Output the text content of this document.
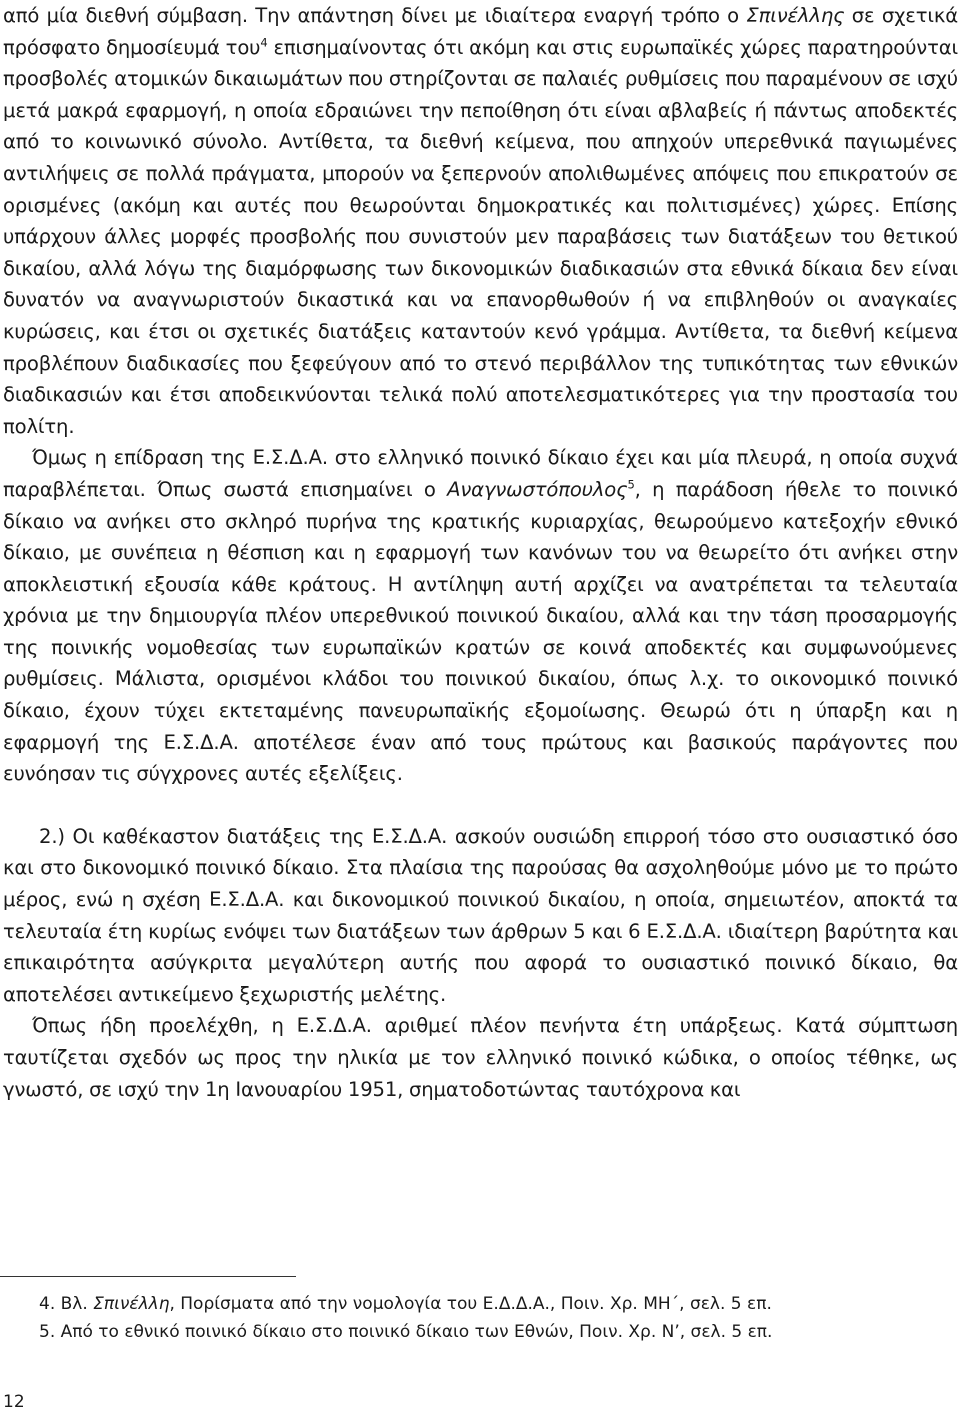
από μία διεθνή σύμβαση. Την απάντηση δίνει με ιδιαίτερα εναργή τρόπο ο Σπινέλλης σε σχετικά πρόσφατο δημοσίευμά του$^4$ επισημαίνοντας ότι ακόμη και στις ευρωπαϊκές χώρες παρατηρούνται προσβολές ατομικών δικαιωμάτων που στηρίζονται σε παλαιές ρυθμίσεις που παραμένουν σε ισχύ μετά μακρά εφαρμογή, η οποία εδραιώνει την πεποίθηση ότι είναι αβλαβείς ή πάντως αποδεκτές από το κοινωνικό σύνολο. Αντίθετα, τα διεθνή κείμενα, που απηχούν υπερεθνικά παγιωμένες αντιλήψεις σε πολλά πράγματα, μπορούν να ξεπερνούν απολιθωμένες απόψεις που επικρατούν σε ορισμένες (ακόμη και αυτές που θεωρούνται δημοκρατικές και πολιτισμένες) χώρες. Επίσης υπάρχουν άλλες μορφές προσβολής που συνιστούν μεν παραβάσεις των διατάξεων του θετικού δικαίου, αλλά λόγω της διαμόρφωσης των δικονομικών διαδικασιών στα εθνικά δίκαια δεν είναι δυνατόν να αναγνωριστούν δικαστικά και να επανορθωθούν ή να επιβληθούν οι αναγκαίες κυρώσεις, και έτσι οι σχετικές διατάξεις καταντούν κενό γράμμα. Αντίθετα, τα διεθνή κείμενα προβλέπουν διαδικασίες που ξεφεύγουν από το στενό περιβάλλον της τυπικότητας των εθνικών διαδικασιών και έτσι αποδεικνύονται τελικά πολύ αποτελεσματικότερες για την προστασία του πολίτη.

Όμως η επίδραση της Ε.Σ.Δ.Α. στο ελληνικό ποινικό δίκαιο έχει και μία πλευρά, η οποία συχνά παραβλέπεται. Όπως σωστά επισημαίνει ο Αναγνωστόπουλος$^5$, η παράδοση ήθελε το ποινικό δίκαιο να ανήκει στο σκληρό πυρήνα της κρατικής κυριαρχίας, θεωρούμενο κατεξοχήν εθνικό δίκαιο, με συνέπεια η θέσπιση και η εφαρμογή των κανόνων του να θεωρείτο ότι ανήκει στην αποκλειστική εξουσία κάθε κράτους. Η αντίληψη αυτή αρχίζει να ανατρέπεται τα τελευταία χρόνια με την δημιουργία πλέον υπερεθνικού ποινικού δικαίου, αλλά και την τάση προσαρμογής της ποινικής νομοθεσίας των ευρωπαϊκών κρατών σε κοινά αποδεκτές και συμφωνούμενες ρυθμίσεις. Μάλιστα, ορισμένοι κλάδοι του ποινικού δικαίου, όπως λ.χ. το οικονομικό ποινικό δίκαιο, έχουν τύχει εκτεταμένης πανευρωπαϊκής εξομοίωσης. Θεωρώ ότι η ύπαρξη και η εφαρμογή της Ε.Σ.Δ.Α. αποτέλεσε έναν από τους πρώτους και βασικούς παράγοντες που ευνόησαν τις σύγχρονες αυτές εξελίξεις.

2.) Οι καθέκαστον διατάξεις της Ε.Σ.Δ.Α. ασκούν ουσιώδη επιρροή τόσο στο ουσιαστικό όσο και στο δικονομικό ποινικό δίκαιο. Στα πλαίσια της παρούσας θα ασχοληθούμε μόνο με το πρώτο μέρος, ενώ η σχέση Ε.Σ.Δ.Α. και δικονομικού ποινικού δικαίου, η οποία, σημειωτέον, αποκτά τα τελευταία έτη κυρίως ενόψει των διατάξεων των άρθρων 5 και 6 Ε.Σ.Δ.Α. ιδιαίτερη βαρύτητα και επικαιρότητα ασύγκριτα μεγαλύτερη αυτής που αφορά το ουσιαστικό ποινικό δίκαιο, θα αποτελέσει αντικείμενο ξεχωριστής μελέτης.

Όπως ήδη προελέχθη, η Ε.Σ.Δ.Α. αριθμεί πλέον πενήντα έτη υπάρξεως. Κατά σύμπτωση ταυτίζεται σχεδόν ως προς την ηλικία με τον ελληνικό ποινικό κώδικα, ο οποίος τέθηκε, ως γνωστό, σε ισχύ την 1η Ιανουαρίου 1951, σηματοδοτώντας ταυτόχρονα και

4. Βλ. Σπινέλλη, Πορίσματα από την νομολογία του Ε.Δ.Δ.Α., Ποιν. Χρ. ΜΗ΄, σελ. 5 επ.
5. Από το εθνικό ποινικό δίκαιο στο ποινικό δίκαιο των Εθνών, Ποιν. Χρ. Ν’, σελ. 5 επ.
12
